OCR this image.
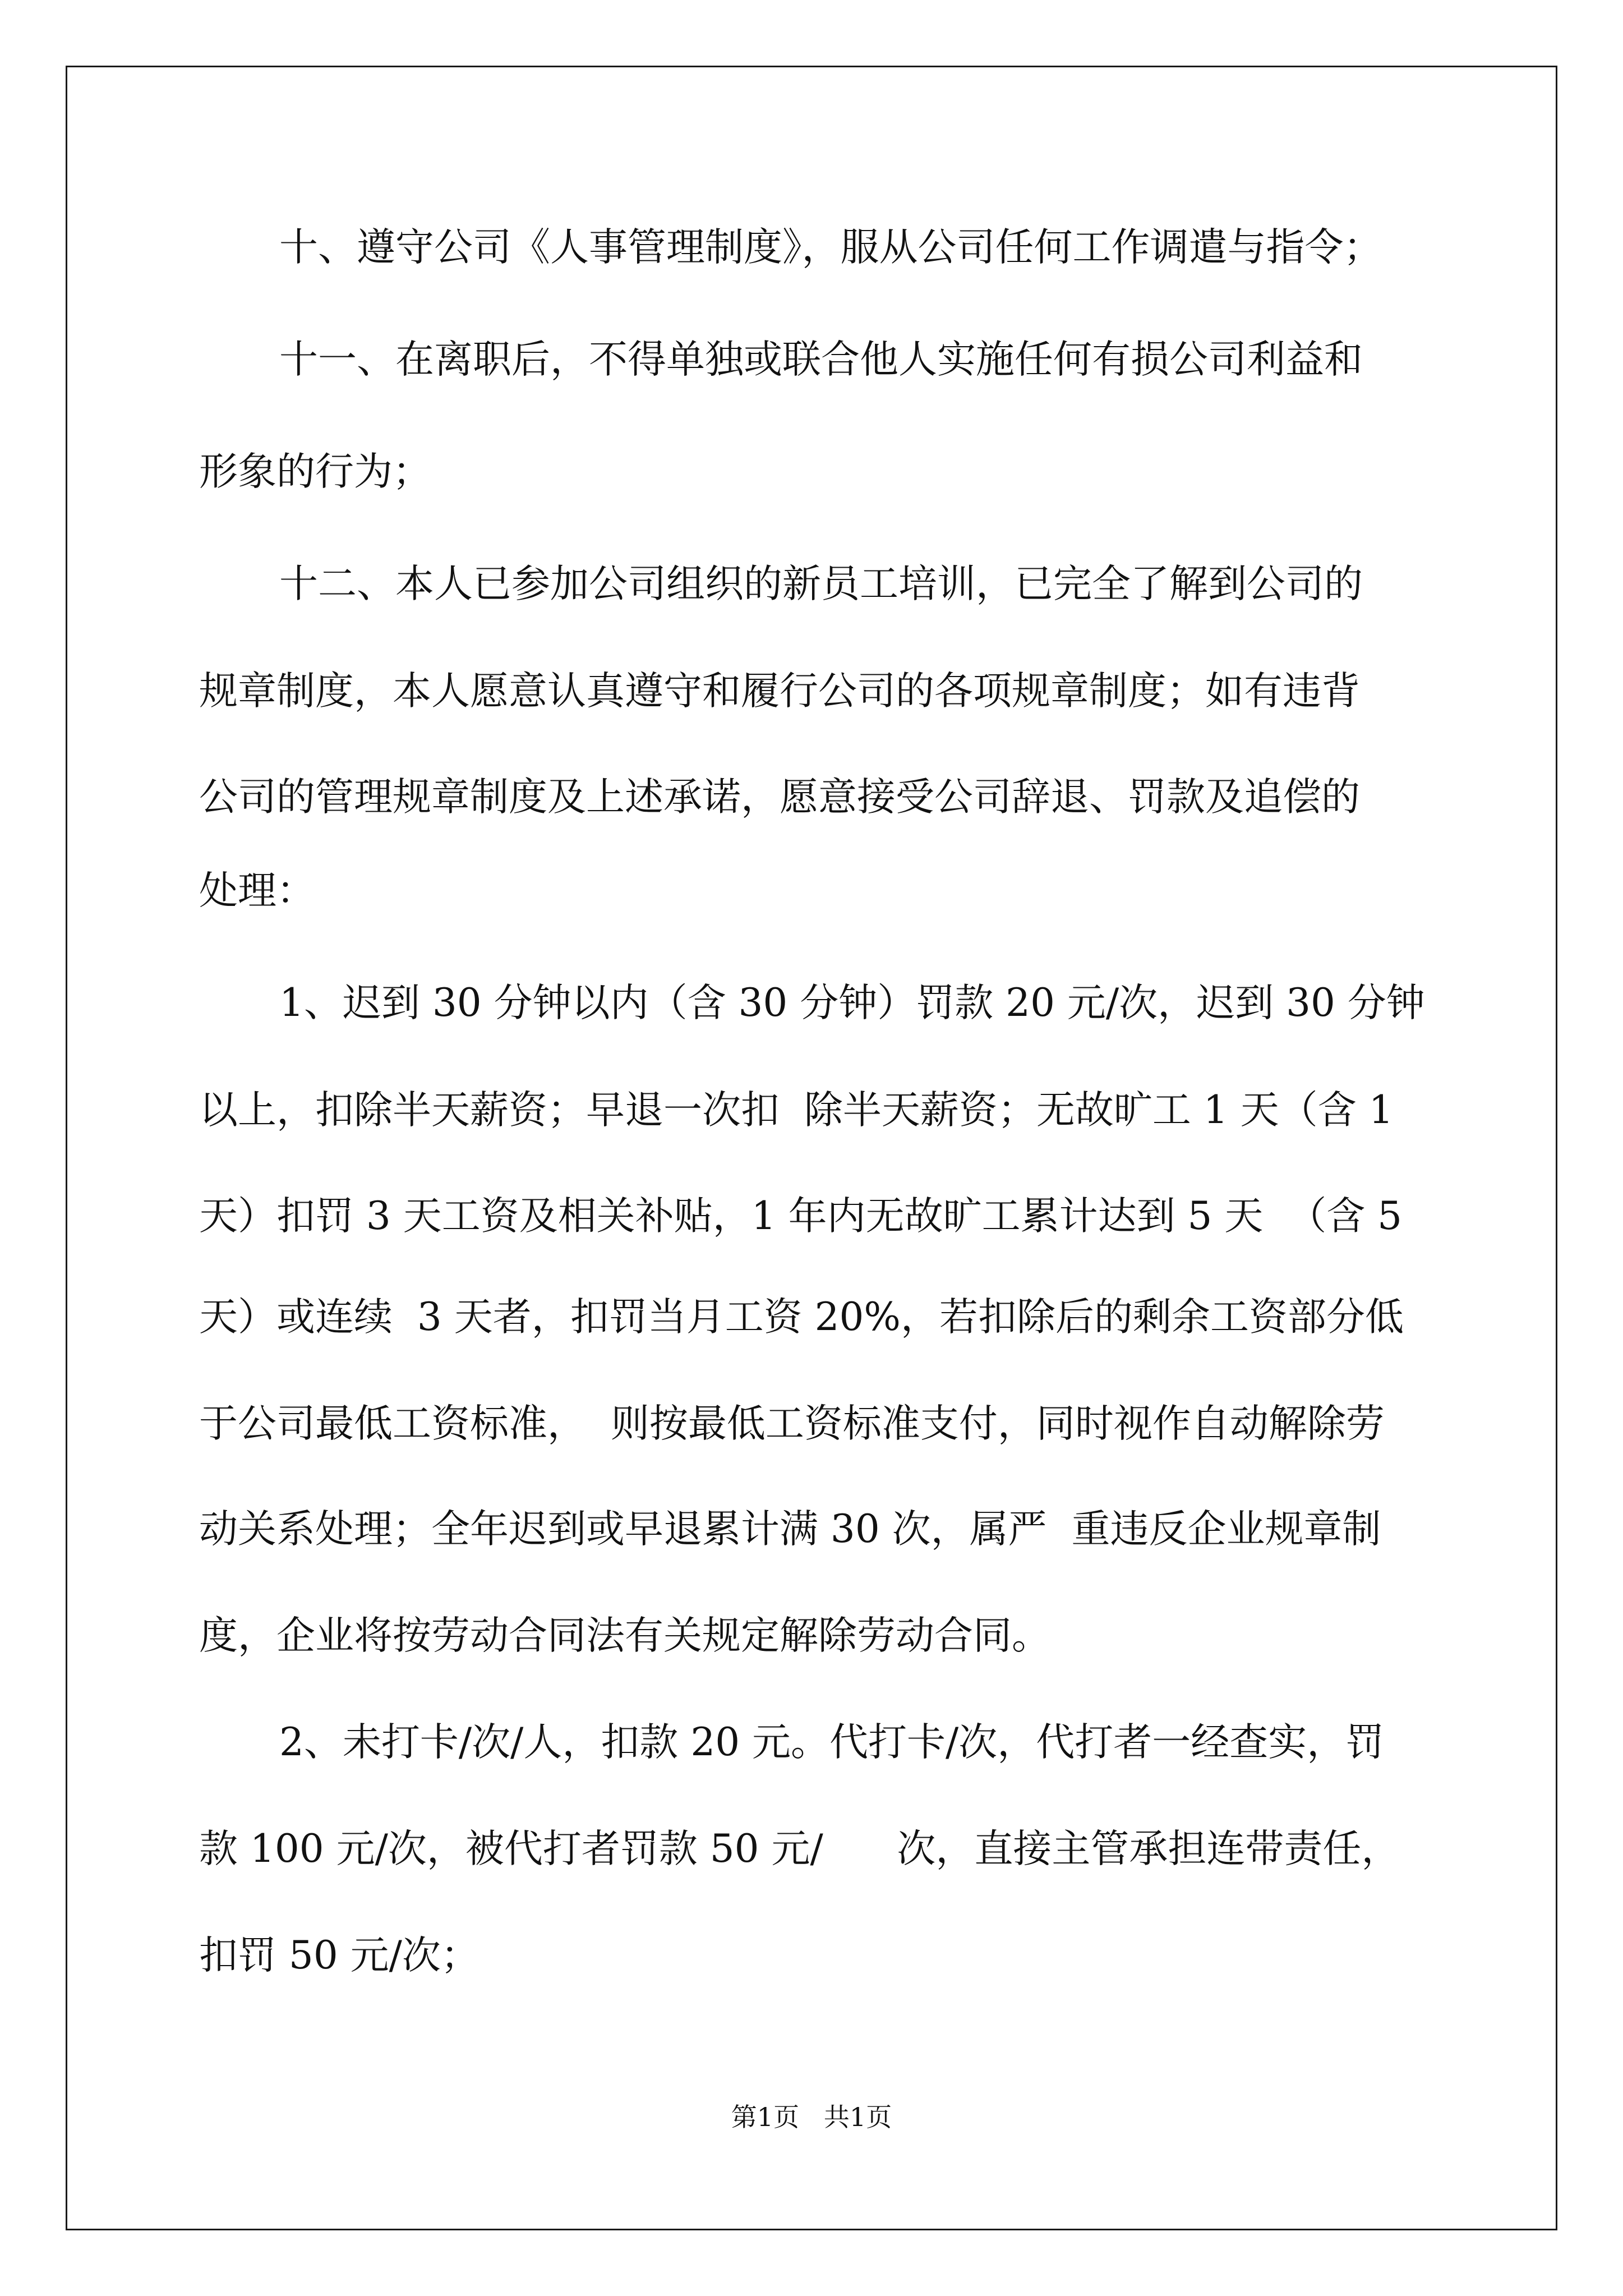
十、遵守公司《人事管理制度》，服从公司任何工作调遣与指令；
十一、在离职后，不得单独或联合他人实施任何有损公司利益和
形象的行为；
十二、本人已参加公司组织的新员工培训，已完全了解到公司的
规章制度，本人愿意认真遵守和履行公司的各项规章制度；如有违背
公司的管理规章制度及上述承诺，愿意接受公司辞退、罚款及追偿的
处理：
1、迟到 30 分钟以内（含 30 分钟）罚款 20 元/次，迟到 30 分钟
以上，扣除半天薪资；早退一次扣  除半天薪资；无故旷工 1 天（含 1
天）扣罚 3 天工资及相关补贴，1 年内无故旷工累计达到 5 天  （含 5
天）或连续  3 天者，扣罚当月工资 20%，若扣除后的剩余工资部分低
于公司最低工资标准，  则按最低工资标准支付，同时视作自动解除劳
动关系处理；全年迟到或早退累计满 30 次，属严  重违反企业规章制
度，企业将按劳动合同法有关规定解除劳动合同。
2、未打卡/次/人，扣款 20 元。代打卡/次，代打者一经查实，罚
款 100 元/次，被代打者罚款 50 元/      次，直接主管承担连带责任，
扣罚 50 元/次；
第1页   共1页
